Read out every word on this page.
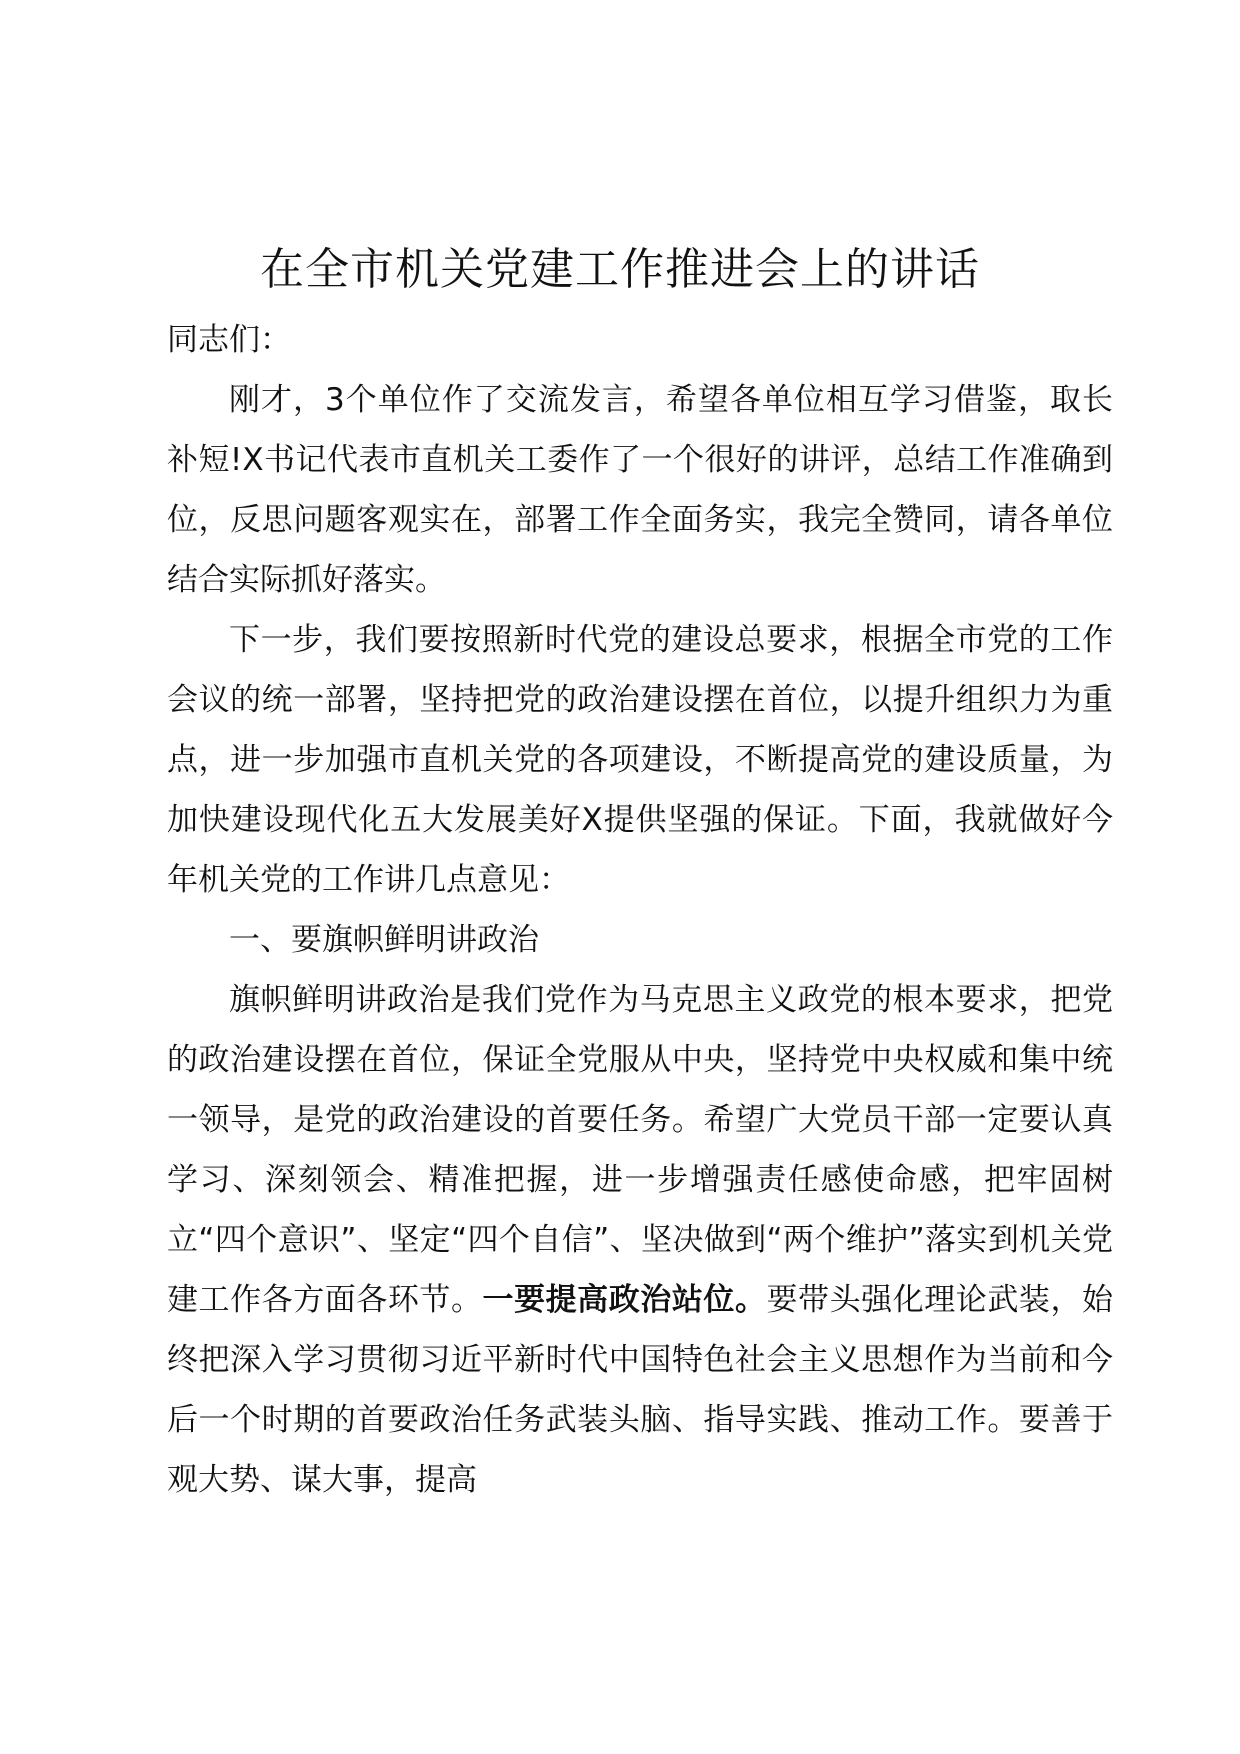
在全市机关党建工作推进会上的讲话

同志们：

刚才，3个单位作了交流发言，希望各单位相互学习借鉴，取长补短!X书记代表市直机关工委作了一个很好的讲评，总结工作准确到位，反思问题客观实在，部署工作全面务实，我完全赞同，请各单位结合实际抓好落实。

下一步，我们要按照新时代党的建设总要求，根据全市党的工作会议的统一部署，坚持把党的政治建设摆在首位，以提升组织力为重点，进一步加强市直机关党的各项建设，不断提高党的建设质量，为加快建设现代化五大发展美好X提供坚强的保证。下面，我就做好今年机关党的工作讲几点意见：

一、要旗帜鲜明讲政治

旗帜鲜明讲政治是我们党作为马克思主义政党的根本要求，把党的政治建设摆在首位，保证全党服从中央，坚持党中央权威和集中统一领导，是党的政治建设的首要任务。希望广大党员干部一定要认真学习、深刻领会、精准把握，进一步增强责任感使命感，把牢固树立“四个意识”、坚定“四个自信”、坚决做到“两个维护”落实到机关党建工作各方面各环节。一要提高政治站位。要带头强化理论武装，始终把深入学习贯彻习近平新时代中国特色社会主义思想作为当前和今后一个时期的首要政治任务武装头脑、指导实践、推动工作。要善于观大势、谋大事，提高
